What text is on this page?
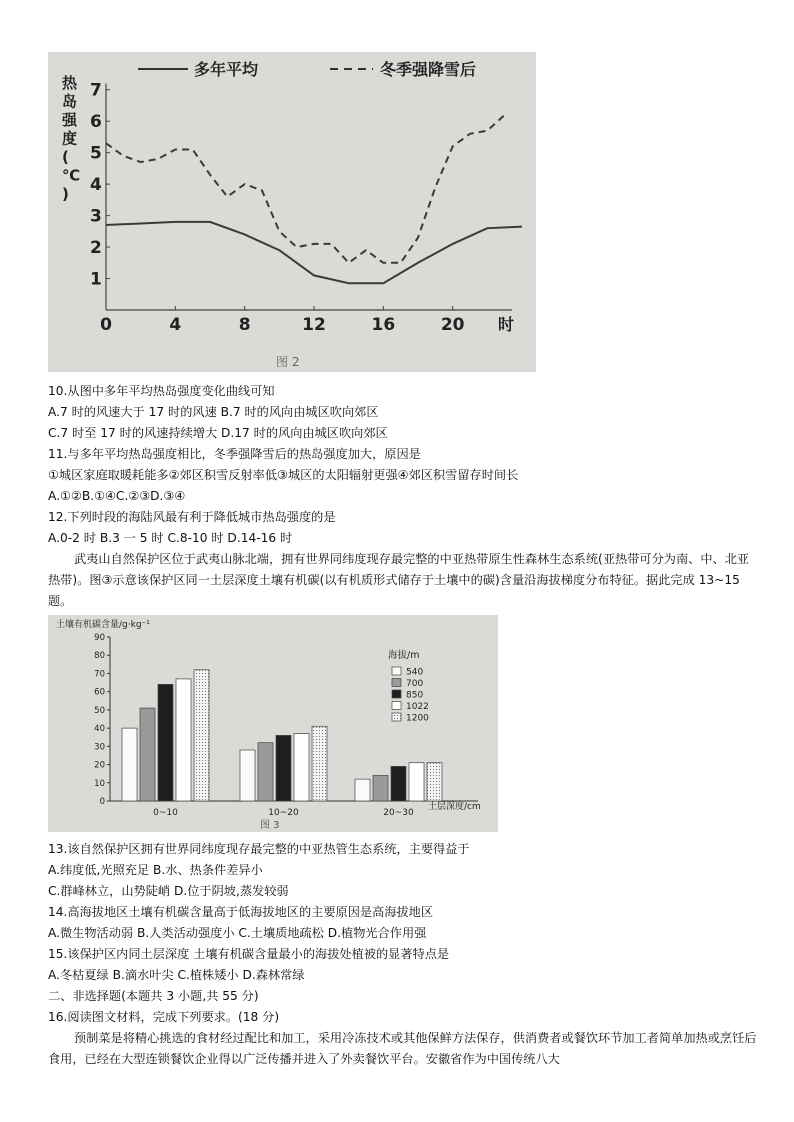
热
岛
强
度
(
℃
)
1
2
3
4
5
6
7
0	4	8	12	16	20
多年平均	冬季强降雪后
时
图 2
10.从图中多年平均热岛强度变化曲线可知
A.7 时的风速大于 17 时的风速 B.7 时的风向由城区吹向郊区
C.7 时至 17 时的风速持续增大 D.17 时的风向由城区吹向郊区
11.与多年平均热岛强度相比，冬季强降雪后的热岛强度加大，原因是
①城区家庭取暖耗能多②郊区积雪反射率低③城区的太阳辐射更强④郊区积雪留存时间长
A.①②B.①④C.②③D.③④
12.下列时段的海陆风最有利于降低城市热岛强度的是
A.0-2 时 B.3 一 5 时 C.8-10 时 D.14-16 时
武夷山自然保护区位于武夷山脉北端，拥有世界同纬度现存最完整的中亚热带原生性森林生态系统(亚热带可分为南、中、北亚热带)。图③示意该保护区同一土层深度土壤有机碳(以有机质形式储存于土壤中的碳)含量沿海拔梯度分布特征。据此完成 13~15 题。
土壤有机碳含量/g·kg⁻¹
0
10
20
30
40
50
60
70
80
90
0~10	10~20	20~30
海拔/m
540
700
850
1022
1200
土层深度/cm
图 3
13.该自然保护区拥有世界同纬度现存最完整的中亚热管生态系统，主要得益于
A.纬度低,光照充足 B.水、热条件差异小
C.群峰林立，山势陡峭 D.位于阴坡,蒸发较弱
14.高海拔地区土壤有机碳含量高于低海拔地区的主要原因是高海拔地区
A.微生物活动弱 B.人类活动强度小 C.土壤质地疏松 D.植物光合作用强
15.该保护区内同土层深度 土壤有机碳含量最小的海拔处植被的显著特点是
A.冬枯夏绿 B.滴水叶尖 C.植株矮小 D.森林常绿
二、非选择题(本题共 3 小题,共 55 分)
16.阅读图文材料，完成下列要求。(18 分)
预制菜是将精心挑选的食材经过配比和加工，采用冷冻技术或其他保鲜方法保存，供消费者或餐饮环节加工者简单加热或烹饪后食用，已经在大型连锁餐饮企业得以广泛传播并进入了外卖餐饮平台。安徽省作为中国传统八大
